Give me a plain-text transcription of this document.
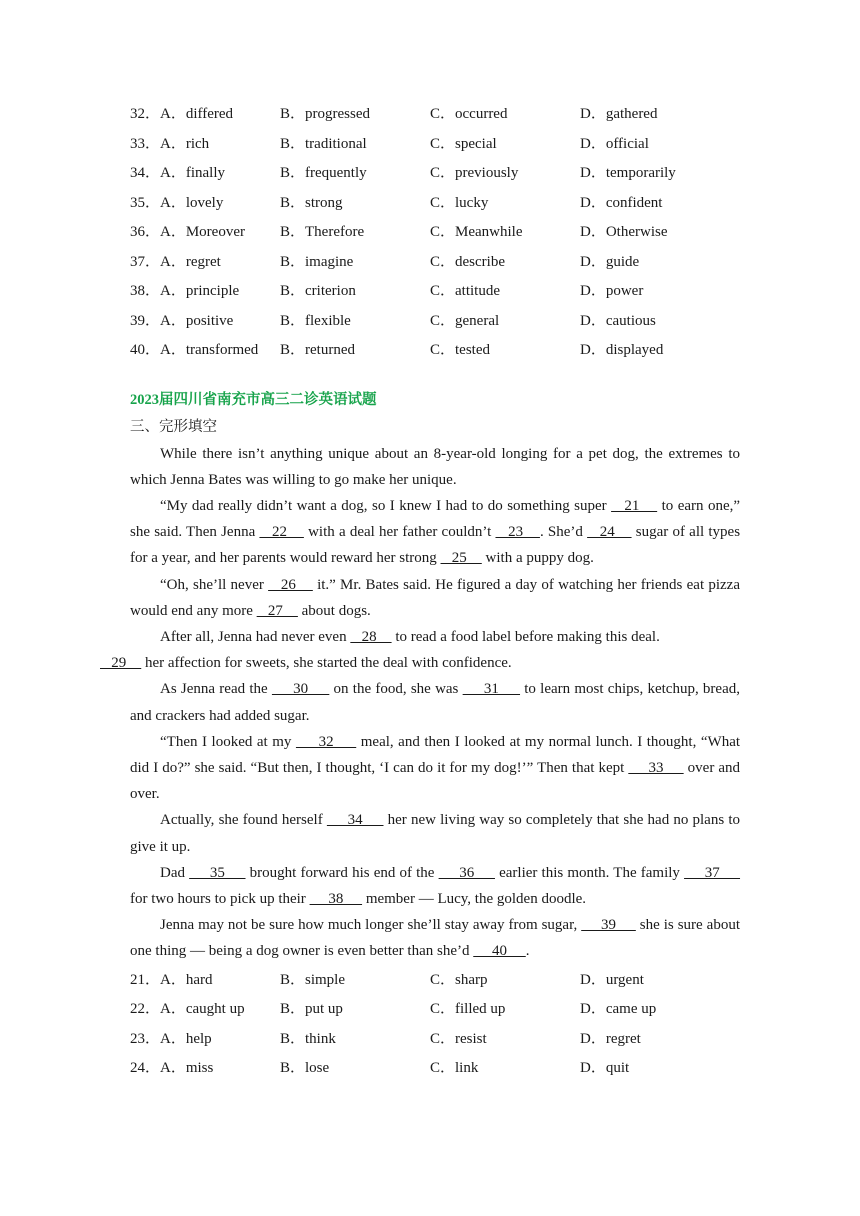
32． A．differed	B．progressed	C．occurred	D．gathered
33． A．rich	B．traditional	C．special	D．official
34． A．finally	B．frequently	C．previously	D．temporarily
35． A．lovely	B．strong	C．lucky	D．confident
36． A．Moreover B．Therefore	C．Meanwhile	D．Otherwise
37． A．regret	B．imagine	C．describe	D．guide
38． A．principle	B．criterion	C．attitude	D．power
39． A．positive	B．flexible	C．general	D．cautious
40． A．transformed B．returned	C．tested	D．displayed
2023届四川省南充市高三二诊英语试题
三、完形填空

While there isn’t anything unique about an 8-year-old longing for a pet dog, the extremes to which Jenna Bates was willing to go make her unique.

“My dad really didn’t want a dog, so I knew I had to do something super    21     to earn one,” she said. Then Jenna    22     with a deal her father couldn’t    23    . She’d    24     sugar of all types for a year, and her parents would reward her strong    25     with a puppy dog.

“Oh, she’ll never    26     it.” Mr. Bates said. He figured a day of watching her friends eat pizza would end any more    27     about dogs.

After all, Jenna had never even    28     to read a food label before making this deal.
29     her affection for sweets, she started the deal with confidence.

As Jenna read the      30      on the food, she was      31      to learn most chips, ketchup, bread, and crackers had added sugar.

“Then I looked at my      32      meal, and then I looked at my normal lunch. I thought, “What did I do?” she said. “But then, I thought, ‘I can do it for my dog!’” Then that kept      33      over and over.

Actually, she found herself      34      her new living way so completely that she had no plans to give it up.

Dad      35      brought forward his end of the      36      earlier this month. The family      37      for two hours to pick up their      38      member — Lucy, the golden doodle.

Jenna may not be sure how much longer she’ll stay away from sugar,      39      she is sure about one thing — being a dog owner is even better than she’d      40     .

21． A．hard	B．simple	C．sharp	D．urgent
22． A．caught up B．put up	C．filled up	D．came up
23． A．help	B．think	C．resist	D．regret
24． A．miss	B．lose	C．link	D．quit
